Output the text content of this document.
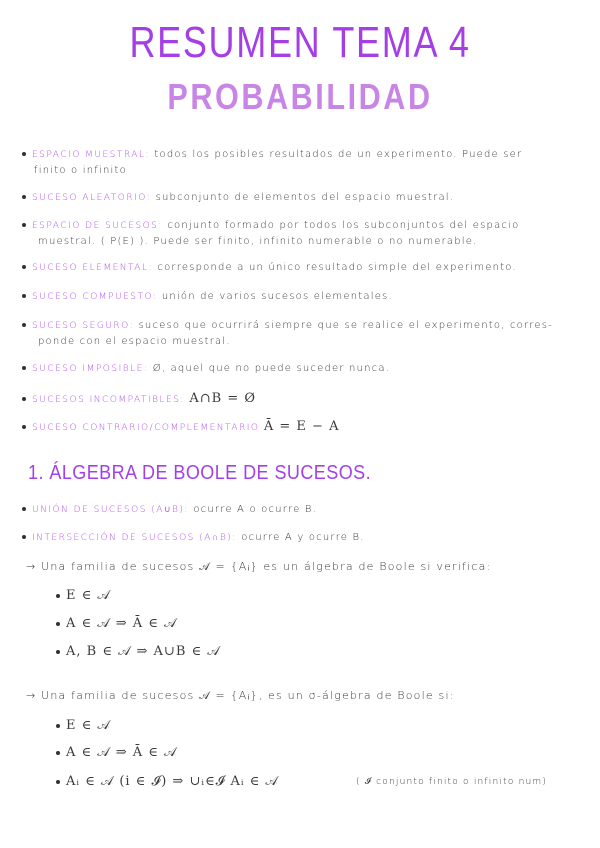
RESUMEN TEMA 4
PROBABILIDAD
ESPACIO MUESTRAL: todos los posibles resultados de un experimento. Puede ser
finito o infinito
SUCESO ALEATORIO: subconjunto de elementos del espacio muestral.
ESPACIO DE SUCESOS: conjunto formado por todos los subconjuntos del espacio
muestral. ( P(E) ). Puede ser finito, infinito numerable o no numerable.
SUCESO ELEMENTAL: corresponde a un único resultado simple del experimento.
SUCESO COMPUESTO: unión de varios sucesos elementales.
SUCESO SEGURO: suceso que ocurrirá siempre que se realice el experimento, corres-
ponde con el espacio muestral.
SUCESO IMPOSIBLE: Ø, aquel que no puede suceder nunca.
SUCESOS INCOMPATIBLES: A∩B = Ø
SUCESO CONTRARIO/COMPLEMENTARIO Ā = E − A
1. ÁLGEBRA DE BOOLE DE SUCESOS.
UNIÓN DE SUCESOS (A∪B): ocurre A o ocurre B.
INTERSECCIÓN DE SUCESOS (A∩B): ocurre A y ocurre B.
→ Una familia de sucesos 𝒜 = {Aᵢ} es un álgebra de Boole si verifica:
E ∈ 𝒜
A ∈ 𝒜 ⇒ Ā ∈ 𝒜
A, B ∈ 𝒜 ⇒ A∪B ∈ 𝒜
→ Una familia de sucesos 𝒜 = {Aᵢ}, es un σ-álgebra de Boole si:
E ∈ 𝒜
A ∈ 𝒜 ⇒ Ā ∈ 𝒜
Aᵢ ∈ 𝒜 (i ∈ 𝓘) ⇒ ∪ᵢ∈𝓘 Aᵢ ∈ 𝒜	( 𝓘 conjunto finito o infinito num)
